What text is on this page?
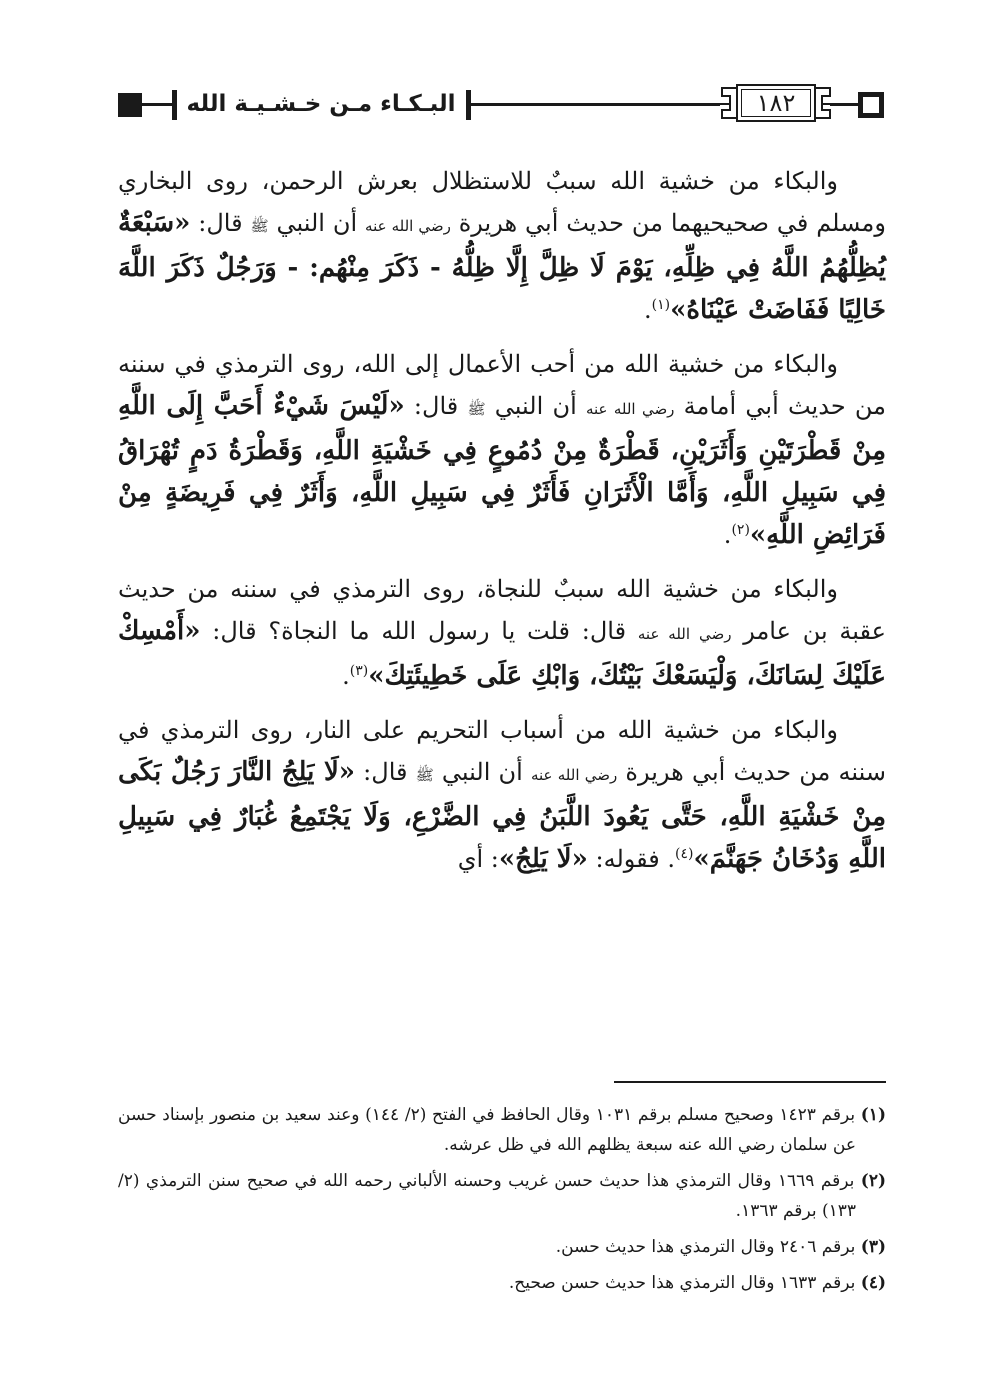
البـكـاء مـن خـشـيـة الله	١٨٢

والبكاء من خشية الله سببٌ للاستظلال بعرش الرحمن، روى البخاري ومسلم في صحيحيهما من حديث أبي هريرة رضي الله عنه أن النبي ﷺ قال: «سَبْعَةٌ يُظِلُّهُمُ اللَّهُ فِي ظِلِّهِ، يَوْمَ لَا ظِلَّ إِلَّا ظِلُّهُ - ذَكَرَ مِنْهُم: - وَرَجُلٌ ذَكَرَ اللَّهَ خَالِيًا فَفَاضَتْ عَيْنَاهُ»$^{(١)}$.

والبكاء من خشية الله من أحب الأعمال إلى الله، روى الترمذي في سننه من حديث أبي أمامة رضي الله عنه أن النبي ﷺ قال: «لَيْسَ شَيْءٌ أَحَبَّ إِلَى اللَّهِ مِنْ قَطْرَتَيْنِ وَأَثَرَيْنِ، قَطْرَةٌ مِنْ دُمُوعٍ فِي خَشْيَةِ اللَّهِ، وَقَطْرَةُ دَمٍ تُهْرَاقُ فِي سَبِيلِ اللَّهِ، وَأَمَّا الْأَثَرَانِ فَأَثَرٌ فِي سَبِيلِ اللَّهِ، وَأَثَرٌ فِي فَرِيضَةٍ مِنْ فَرَائِضِ اللَّهِ»$^{(٢)}$.

والبكاء من خشية الله سببٌ للنجاة، روى الترمذي في سننه من حديث عقبة بن عامر رضي الله عنه قال: قلت يا رسول الله ما النجاة؟ قال: «أَمْسِكْ عَلَيْكَ لِسَانَكَ، وَلْيَسَعْكَ بَيْتُكَ، وَابْكِ عَلَى خَطِيئَتِكَ»$^{(٣)}$.

والبكاء من خشية الله من أسباب التحريم على النار، روى الترمذي في سننه من حديث أبي هريرة رضي الله عنه أن النبي ﷺ قال: «لَا يَلِجُ النَّارَ رَجُلٌ بَكَى مِنْ خَشْيَةِ اللَّهِ، حَتَّى يَعُودَ اللَّبَنُ فِي الضَّرْعِ، وَلَا يَجْتَمِعُ غُبَارٌ فِي سَبِيلِ اللَّهِ وَدُخَانُ جَهَنَّمَ»$^{(٤)}$. فقوله: «لَا يَلِجُ»: أي

(١) برقم ١٤٢٣ وصحيح مسلم برقم ١٠٣١ وقال الحافظ في الفتح (٢/ ١٤٤) وعند سعيد بن منصور بإسناد حسن عن سلمان رضي الله عنه سبعة يظلهم الله في ظل عرشه.

(٢) برقم ١٦٦٩ وقال الترمذي هذا حديث حسن غريب وحسنه الألباني رحمه الله في صحيح سنن الترمذي (٢/ ١٣٣) برقم ١٣٦٣.

(٣) برقم ٢٤٠٦ وقال الترمذي هذا حديث حسن.

(٤) برقم ١٦٣٣ وقال الترمذي هذا حديث حسن صحيح.
